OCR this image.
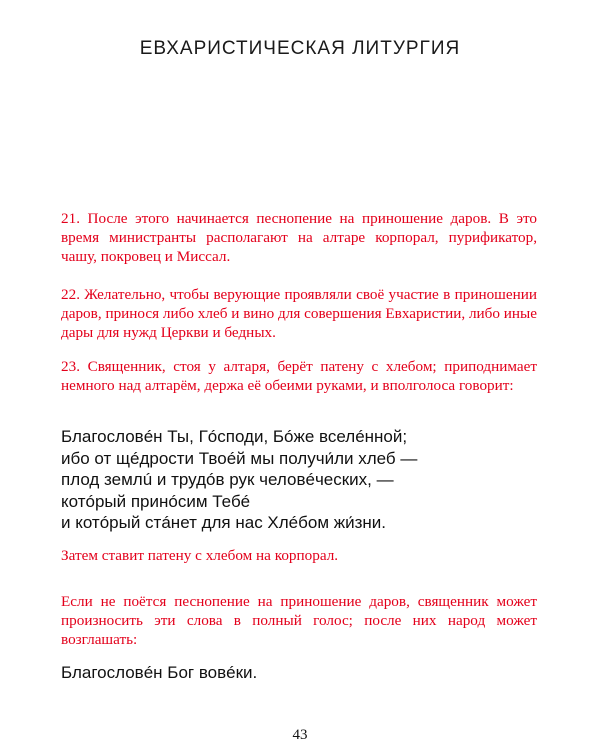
ЕВХАРИСТИЧЕСКАЯ ЛИТУРГИЯ
21. После этого начинается песнопение на приношение даров. В это время министранты располагают на алтаре корпорал, пурификатор, чашу, покровец и Миссал.
22. Желательно, чтобы верующие проявляли своё участие в приношении даров, принося либо хлеб и вино для совершения Евхаристии, либо иные дары для нужд Церкви и бедных.
23. Священник, стоя у алтаря, берёт патену с хлебом; приподнимает немного над алтарём, держа её обеими руками, и вполголоса говорит:
Благословéн Ты, Гóсподи, Бóже вселéнной;
ибо от щéдрости Твоéй мы получи́ли хлеб —
плод землú и трудóв рук человéческих, —
котóрый принóсим Тебé
и котóрый стáнет для нас Хлéбом жи́зни.
Затем ставит патену с хлебом на корпорал.
Если не поётся песнопение на приношение даров, священник может произносить эти слова в полный голос; после них народ может возглашать:
Благословéн Бог вовéки.
43
